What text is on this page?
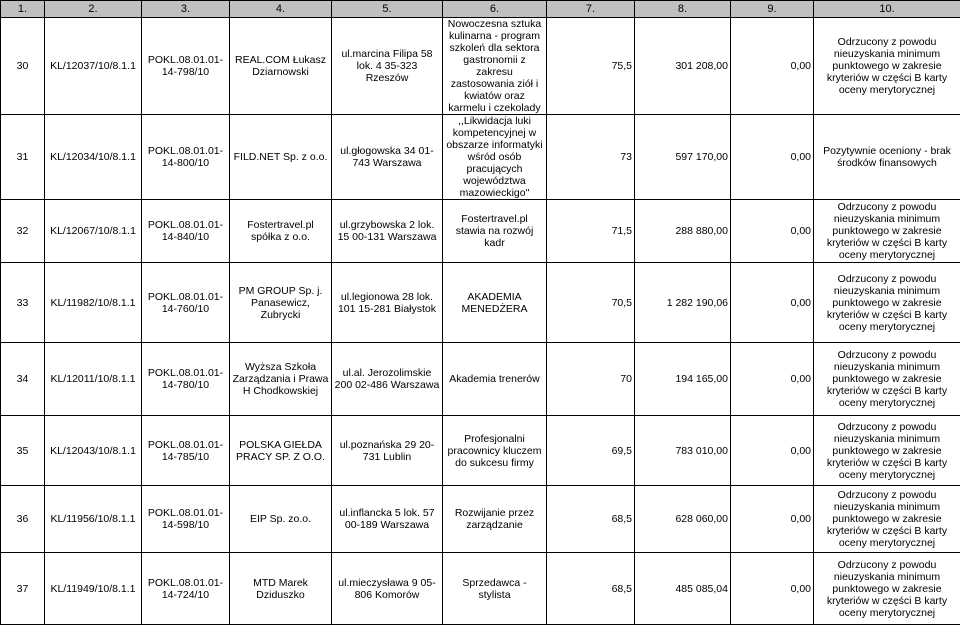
1.	2.	3.	4.	5.	6.	7.	8.	9.	10.
30	KL/12037/10/8.1.1	POKL.08.01.01-14-798/10	REAL.COM Łukasz Dziarnowski	ul.marcina Filipa 58 lok. 4 35-323 Rzeszów	Nowoczesna sztuka kulinarna - program szkoleń dla sektora gastronomii z zakresu zastosowania ziół i kwiatów oraz karmelu i czekolady	75,5	301 208,00	0,00	Odrzucony z powodu nieuzyskania minimum punktowego w zakresie kryteriów w części B karty oceny merytorycznej
31	KL/12034/10/8.1.1	POKL.08.01.01-14-800/10	FILD.NET Sp. z o.o.	ul.głogowska 34 01-743 Warszawa	,,Likwidacja luki kompetencyjnej w obszarze informatyki wśród osób pracujących województwa mazowieckigo"	73	597 170,00	0,00	Pozytywnie oceniony - brak środków finansowych
32	KL/12067/10/8.1.1	POKL.08.01.01-14-840/10	Fostertravel.pl spółka z o.o.	ul.grzybowska 2 lok. 15 00-131 Warszawa	Fostertravel.pl stawia na rozwój kadr	71,5	288 880,00	0,00	Odrzucony z powodu nieuzyskania minimum punktowego w zakresie kryteriów w części B karty oceny merytorycznej
33	KL/11982/10/8.1.1	POKL.08.01.01-14-760/10	PM GROUP Sp. j. Panasewicz, Zubrycki	ul.legionowa 28 lok. 101 15-281 Białystok	AKADEMIA MENEDŻERA	70,5	1 282 190,06	0,00	Odrzucony z powodu nieuzyskania minimum punktowego w zakresie kryteriów w części B karty oceny merytorycznej
34	KL/12011/10/8.1.1	POKL.08.01.01-14-780/10	Wyższa Szkoła Zarządzania i Prawa H Chodkowskiej	ul.al. Jerozolimskie 200 02-486 Warszawa	Akademia trenerów	70	194 165,00	0,00	Odrzucony z powodu nieuzyskania minimum punktowego w zakresie kryteriów w części B karty oceny merytorycznej
35	KL/12043/10/8.1.1	POKL.08.01.01-14-785/10	POLSKA GIEŁDA PRACY SP. Z O.O.	ul.poznańska 29 20-731 Lublin	Profesjonalni pracownicy kluczem do sukcesu firmy	69,5	783 010,00	0,00	Odrzucony z powodu nieuzyskania minimum punktowego w zakresie kryteriów w części B karty oceny merytorycznej
36	KL/11956/10/8.1.1	POKL.08.01.01-14-598/10	EIP Sp. zo.o.	ul.inflancka 5 lok. 57 00-189 Warszawa	Rozwijanie przez zarządzanie	68,5	628 060,00	0,00	Odrzucony z powodu nieuzyskania minimum punktowego w zakresie kryteriów w części B karty oceny merytorycznej
37	KL/11949/10/8.1.1	POKL.08.01.01-14-724/10	MTD Marek Dziduszko	ul.mieczysława 9 05-806 Komorów	Sprzedawca - stylista	68,5	485 085,04	0,00	Odrzucony z powodu nieuzyskania minimum punktowego w zakresie kryteriów w części B karty oceny merytorycznej
